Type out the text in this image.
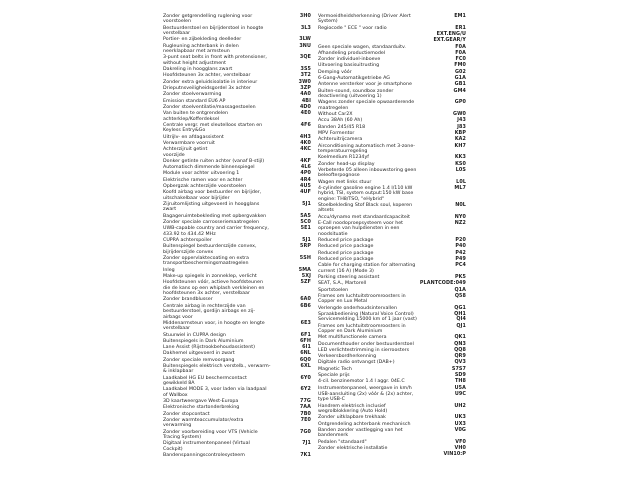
Zonder getgrendelling ruglening voor
voorstoelen
3H0
Bestuurderstoel en bijrijderstoel in hoogte
verstelbaar
3L3
Portier- en zijbekleding deelleder	3LW
Rugleuning achterbank in delen
neerklapbaar met armsteun
3NU
3-punt seat belts in front with pretensioner,
without height adjustment
3QE
Dakreling in hoogglans zwart	3S5
Hoofdsteunen 3x achter, verstelbaar	3T2
Zonder extra geluidsisolatie in interieur	3W0
Drieputnsveiligheidsgordel 3x achter	3ZP
Zonder stoelverwarming	4A0
Emission standard EU6 AP	4BI
Zonder stoelventilatie/massagestoelen	4D0
Van buiten te ontgrendelen
achterklep/Kofferdeksel
4E0
Centrale vergr. met sleutelloos starten en
Keyless Entry&Go
4F6
Uitrijlv- en afdagassistent	4H3
Verwarmbare voorruit	4K0
Achterzijruit getint
voorzijde
4KC
Donker getinte ruiten achter (vanaf B-stijl)	4KF
Automatisch dimmende binnenspiegel	4L6
Module voor achter uitvoering 1	4P0
Elektrische ramen voor en achter	4R4
Opbergzak achterzijde voorstoelen	4U5
Koofd airbag voor bestuurder en bijrijder,
uitschakelbaar voor bijrijder
4UF
Zijruitomlijsting uitgevoerd in hoogglans
zwart
5J1
Bagageruimtebekleding met opbergvakken	5A5
Zonder speciale carrosseriemaatregelen	5C0
UWB-capable country and carrier frequency,
433.92 to 434.42 MHz
5E1
CUPRA achterspoiler	5J1
Buitenspiegel bestuurderszijde convex,
bijrijderszijde convex
5RP
Zonder oppervlaktecoating en extra
transportbeschermingsmaatregelen
5SH
Inleg	5MA
Make-up spiegels in zonneklep, verlicht	5XJ
Hoofdsteunen vóór, actieve hoofdsteunen
die de kans op een whiplash verkleinen en
hoofdsteunen 3x achter, verstelbaar
5ZF
Zonder brandblusser	6A0
Centrale airbag in rechterzijde van
bestuurderstoel, gordijn airbags en zij-
airbags voor
6B6
Middenarmsteun voor, in hoogte en lengte
verstelbaar
6E3
Stuurwiel in CUPRA design	6F1
Buitenspiegels in Dark Aluminium	6FH
Lane Assist (Rijstrookbehoudassistent)	6I1
Dakhemel uitgevoerd in zwart	6NL
Zonder speciale remvoorgang	6Q0
Buitenspiegels elektrisch verstelb., verwarm-
& inklapbaar
6XL
Laadkabel HG EU beschermcontact
gewikkeld 8A
6Y0
Laadkabel MODE 3, voor laden via laadpaal
of Wallbox
6Y2
3D kaartweergave West-Europa	77G
Elektronische startonderbreking	7AA
Zonder stopcontact	7B0
Zonder warmteaccumulator/extra
verwarming
7E0
Zonder voorbereiding voor VTS (Vehicle
Tracing System)
7G0
Digitaal instrumentenpaneel (Virtual
Cockpit)
7J1
Bandenspanningscontrolesysteem	7K1
Vermoeidheidsherkenning (Driver Alert
System)
EM1
Regiocode " ECE " voor radio	ER1
EXT.ENG/U
EXT.GEAR/Y
Geen speciale wagen, standaarduitv.	F0A
Afhandeling productiemodel	F0A
Zonder individuel-inboeve	FC0
Uitvoering basisuitrusting	FM0
Demping vóór	G02
6-Gang-Automatikgetriebe AG	G1A
Antenne versterker voor je smartphone	GB1
Buiten-sound, soundbox zonder
deactivering (uitvoering 1)
GM4
Wagens zonder speciale opwaarderende
maatregelen
GP0
Without Car2X	GW0
Accu 38Ah (60 Ah)	J43
Banden 245/45 R18	J83
MPV Formentor	KBP
Achteruitrijcamera	KA2
Airconditioning automatisch met 3-zone-
temperatuurregeling
KH7
Koelmedium R1234yf	KK3
Zonder head-up display	KS0
Verbeterde 05 alleen inbouwstoring geen
beleofterpognose
L0S
Wagen met links stuur	L0L
4-cylinder gasoline engine 1.4 l/110 kW
hybrid, TSI, system output:150 kW base
engine: TH8/TSO, "eHybrid"
ML7
Stoelbekleding Stof Black soul, koperen
altsets
N0L
Accu/dynamo met standaardcapaciteit	NY0
E-Call noodoproepsysteem voor het
oproepen van hulpdiensten in een
noodsituatie
NZ2
Reduced price package	P20
Reduced price package	P40
Reduced price package	P42
Reduced price package	P49
Cable for charging station for alternating
current (16 A) (Mode 3)
PC4
Parking steering assistant	PK5
SEAT, S.A., Martorell	PLANTCODE:049
Sportstoelen	Q1A
Frames om luchtuitstroomroosters in
Copper en Lux Metal
Q58
Verlengde onderhoudsintervallen	QG1
Spraakbediening (Natural Voice Control)
Servicemelding 15000 km of 1 jaar (vast)
QH1
QI4
Frames om luchtuitstroomroosters in
Copper en Dark Aluminium
QJ1
Met multifunctionele camera	QK1
Documenthouder onder bestuurderstoel	QN3
LED verlichtestrimming in sierroosters	QQ8
Verkeersbordherkenning	QR9
Digitale radio ontvangst (DAB+)	QV3
Magnetic Tech	S7S7
Speciale prijs	SD9
4-cil. benzinemotor 1.4 l aggr. 04E.C	TH8
Instrumentenpaneel, weergave in km/h	U5A
USB-aansluiting (2x) vóór & (2x) achter,
type USB-C
U9C
Handrem elektrisch inclusief
wegrolblokkering (Auto Hold)
UH2
Zonder uitklapbare trekhaak	UK3
Ontgrendeling achterbank mechanisch	UX3
Banden zonder vastlegging van het
bandenmerk
V0G
Pedalen "standaard"	VF0
Zonder elektrische installatie	VH0
VIN10:P
